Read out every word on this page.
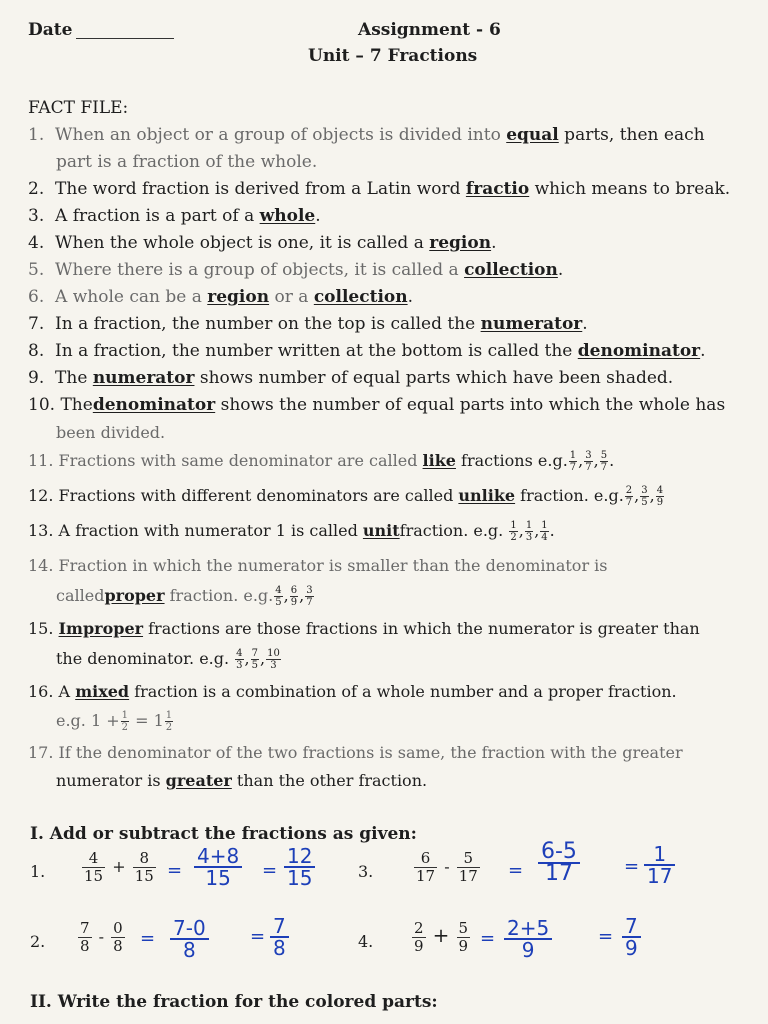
Date	Assignment - 6
Unit – 7 Fractions
FACT FILE:
1. When an object or a group of objects is divided into equal parts, then each
part is a fraction of the whole.
2. The word fraction is derived from a Latin word fractio which means to break.
3. A fraction is a part of a whole.
4. When the whole object is one, it is called a region.
5. Where there is a group of objects, it is called a collection.
6. A whole can be a region or a collection.
7. In a fraction, the number on the top is called the numerator.
8. In a fraction, the number written at the bottom is called the denominator.
9. The numerator shows number of equal parts which have been shaded.
10. Thedenominator shows the number of equal parts into which the whole has
been divided.
11. Fractions with same denominator are called like fractions e.g. $\frac{1}{7}$ , $\frac{3}{7}$ , $\frac{5}{7}$ .
12. Fractions with different denominators are called unlike fraction. e.g. $\frac{2}{7}$ , $\frac{3}{5}$ , $\frac{4}{9}$
13. A fraction with numerator 1 is called unitfraction. e.g. $\frac{1}{2}$ , $\frac{1}{3}$ , $\frac{1}{4}$ .
14. Fraction in which the numerator is smaller than the denominator is
calledproper fraction. e.g. $\frac{4}{5}$ , $\frac{6}{9}$ , $\frac{3}{7}$
15. Improper fractions are those fractions in which the numerator is greater than
the denominator. e.g. $\frac{4}{3}$ , $\frac{7}{5}$ , $\frac{10}{3}$
16. A mixed fraction is a combination of a whole number and a proper fraction.
e.g. $1 + \frac{1}{2} = 1 \frac{1}{2}$
17. If the denominator of the two fractions is same, the fraction with the greater
numerator is greater than the other fraction.
I. Add or subtract the fractions as given:
1. $\frac{4}{15} + \frac{8}{15}$ =
4+8
15	=
12
15	3.	$\frac{6}{17} - \frac{5}{17}$ =
6-5
17	=
1
17
2. $\frac{7}{8} - \frac{0}{8} = 7-0$
8
= 7
8	4.	$\frac{2}{9} + \frac{5}{9} = 2+5$
9
= 7
9
II. Write the fraction for the colored parts:
